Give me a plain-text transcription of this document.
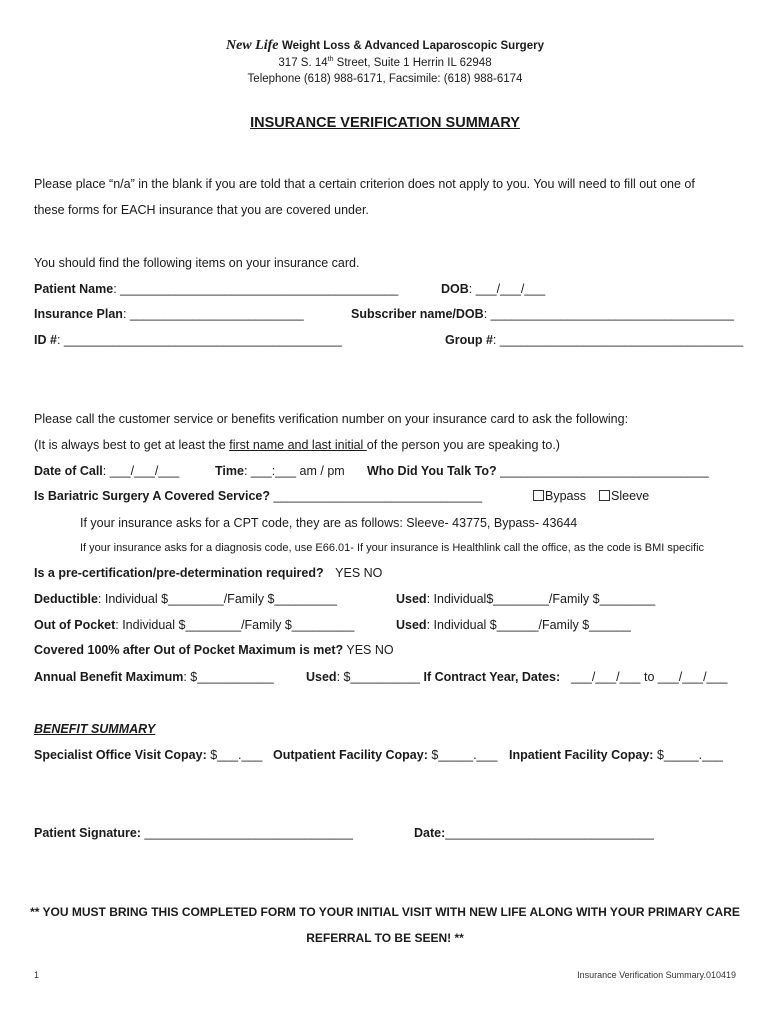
New Life Weight Loss & Advanced Laparoscopic Surgery
317 S. 14th Street, Suite 1 Herrin IL 62948
Telephone (618) 988-6171, Facsimile: (618) 988-6174
INSURANCE VERIFICATION SUMMARY
Please place “n/a” in the blank if you are told that a certain criterion does not apply to you. You will need to fill out one of
these forms for EACH insurance that you are covered under.
You should find the following items on your insurance card.
Patient Name: ________________________________________	DOB: ___/___/___
Insurance Plan: _________________________	Subscriber name/DOB: ___________________________________
ID #: ________________________________________	Group #: ___________________________________
Please call the customer service or benefits verification number on your insurance card to ask the following:
(It is always best to get at least the first name and last initial of the person you are speaking to.)
Date of Call: ___/___/___	Time: ___:___ am / pm Who Did You Talk To? ______________________________
Is Bariatric Surgery A Covered Service? ______________________________	Bypass	Sleeve
If your insurance asks for a CPT code, they are as follows: Sleeve- 43775, Bypass- 43644
If your insurance asks for a diagnosis code, use E66.01- If your insurance is Healthlink call the office, as the code is BMI specific
Is a pre-certification/pre-determination required? YES NO
Deductible: Individual $________/Family $_________	Used: Individual$________/Family $________
Out of Pocket: Individual $________/Family $_________	Used: Individual $______/Family $______
Covered 100% after Out of Pocket Maximum is met? YES NO
Annual Benefit Maximum: $___________	Used: $__________ If Contract Year, Dates: ___/___/___ to ___/___/___
BENEFIT SUMMARY
Specialist Office Visit Copay: $___.___ Outpatient Facility Copay: $_____.___ Inpatient Facility Copay: $_____.___
Patient Signature: ______________________________	Date:______________________________
** YOU MUST BRING THIS COMPLETED FORM TO YOUR INITIAL VISIT WITH NEW LIFE ALONG WITH YOUR PRIMARY CARE
REFERRAL TO BE SEEN! **
1	Insurance Verification Summary.010419
